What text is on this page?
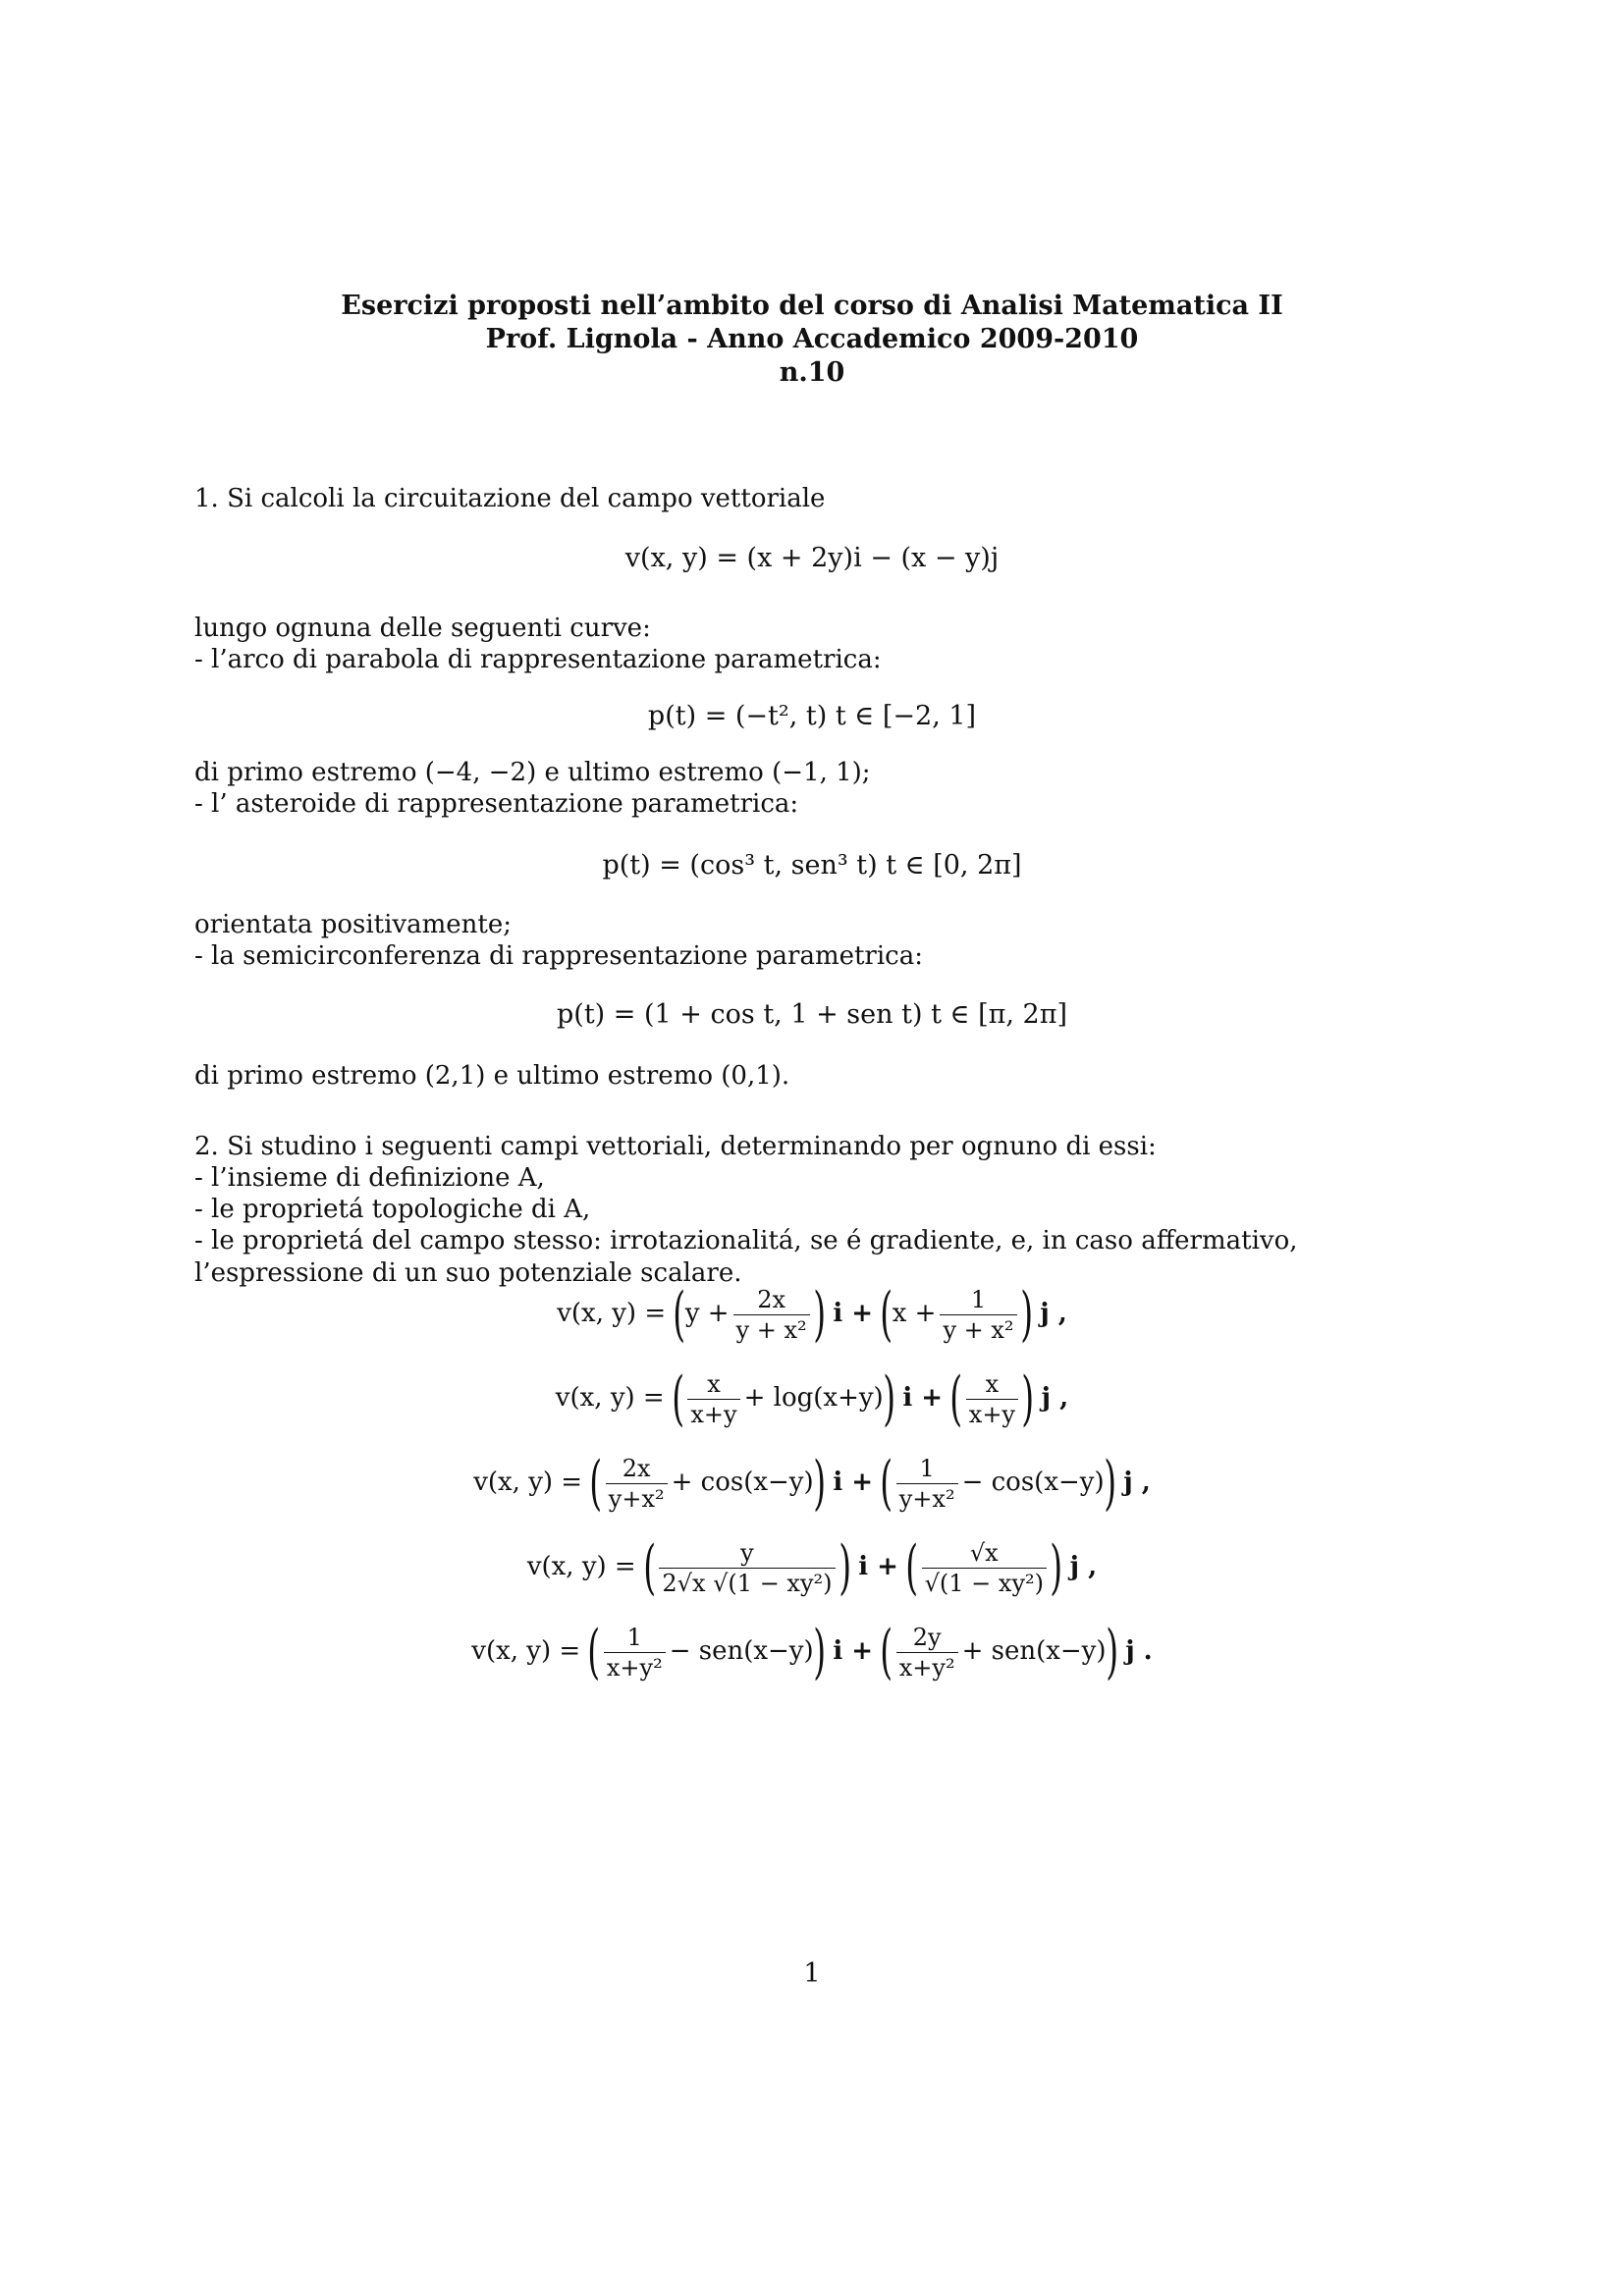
Esercizi proposti nell’ambito del corso di Analisi Matematica II
Prof. Lignola - Anno Accademico 2009-2010
n.10
1. Si calcoli la circuitazione del campo vettoriale
v(x, y) = (x + 2y)i − (x − y)j
lungo ognuna delle seguenti curve:
- l’arco di parabola di rappresentazione parametrica:
p(t) = (−t², t) t ∈ [−2, 1]
di primo estremo (−4, −2) e ultimo estremo (−1, 1);
- l’ asteroide di rappresentazione parametrica:
p(t) = (cos³ t, sen³ t) t ∈ [0, 2π]
orientata positivamente;
- la semicirconferenza di rappresentazione parametrica:
p(t) = (1 + cos t, 1 + sen t) t ∈ [π, 2π]
di primo estremo (2,1) e ultimo estremo (0,1).
2. Si studino i seguenti campi vettoriali, determinando per ognuno di essi:
- l’insieme di definizione A,
- le proprietá topologiche di A,
- le proprietá del campo stesso: irrotazionalitá, se é gradiente, e, in caso affermativo, l’espressione di un suo potenziale scalare.
v(x, $y) = (y + \frac{2x}{\text{y + x²}}$ ) $i + (x + \frac{1}{\text{y + x²}}$ ) j ,
v(x, y) = ( $\frac{x}{x+y} + \log(x+y)$) i + ( $\frac{x}{x+y}$ ) j ,
v(x, y) = ( $\frac{2x}{\text{y+x²}} + \cos(x-y)$) i + ( $\frac{1}{\text{y+x²}} - \cos(x-y)$) j ,
v(x, y) = ( $\frac{y}{\text{2√x √(1 − xy²)}}$ ) i + ( $\frac{√x}{\text{√(1 − xy²)}}$ ) j ,
v(x, y) = ( $\frac{1}{\text{x+y²}} - sen(x-y)$) i + ( $\frac{2y}{\text{x+y²}} + sen(x-y)$) j .
1
